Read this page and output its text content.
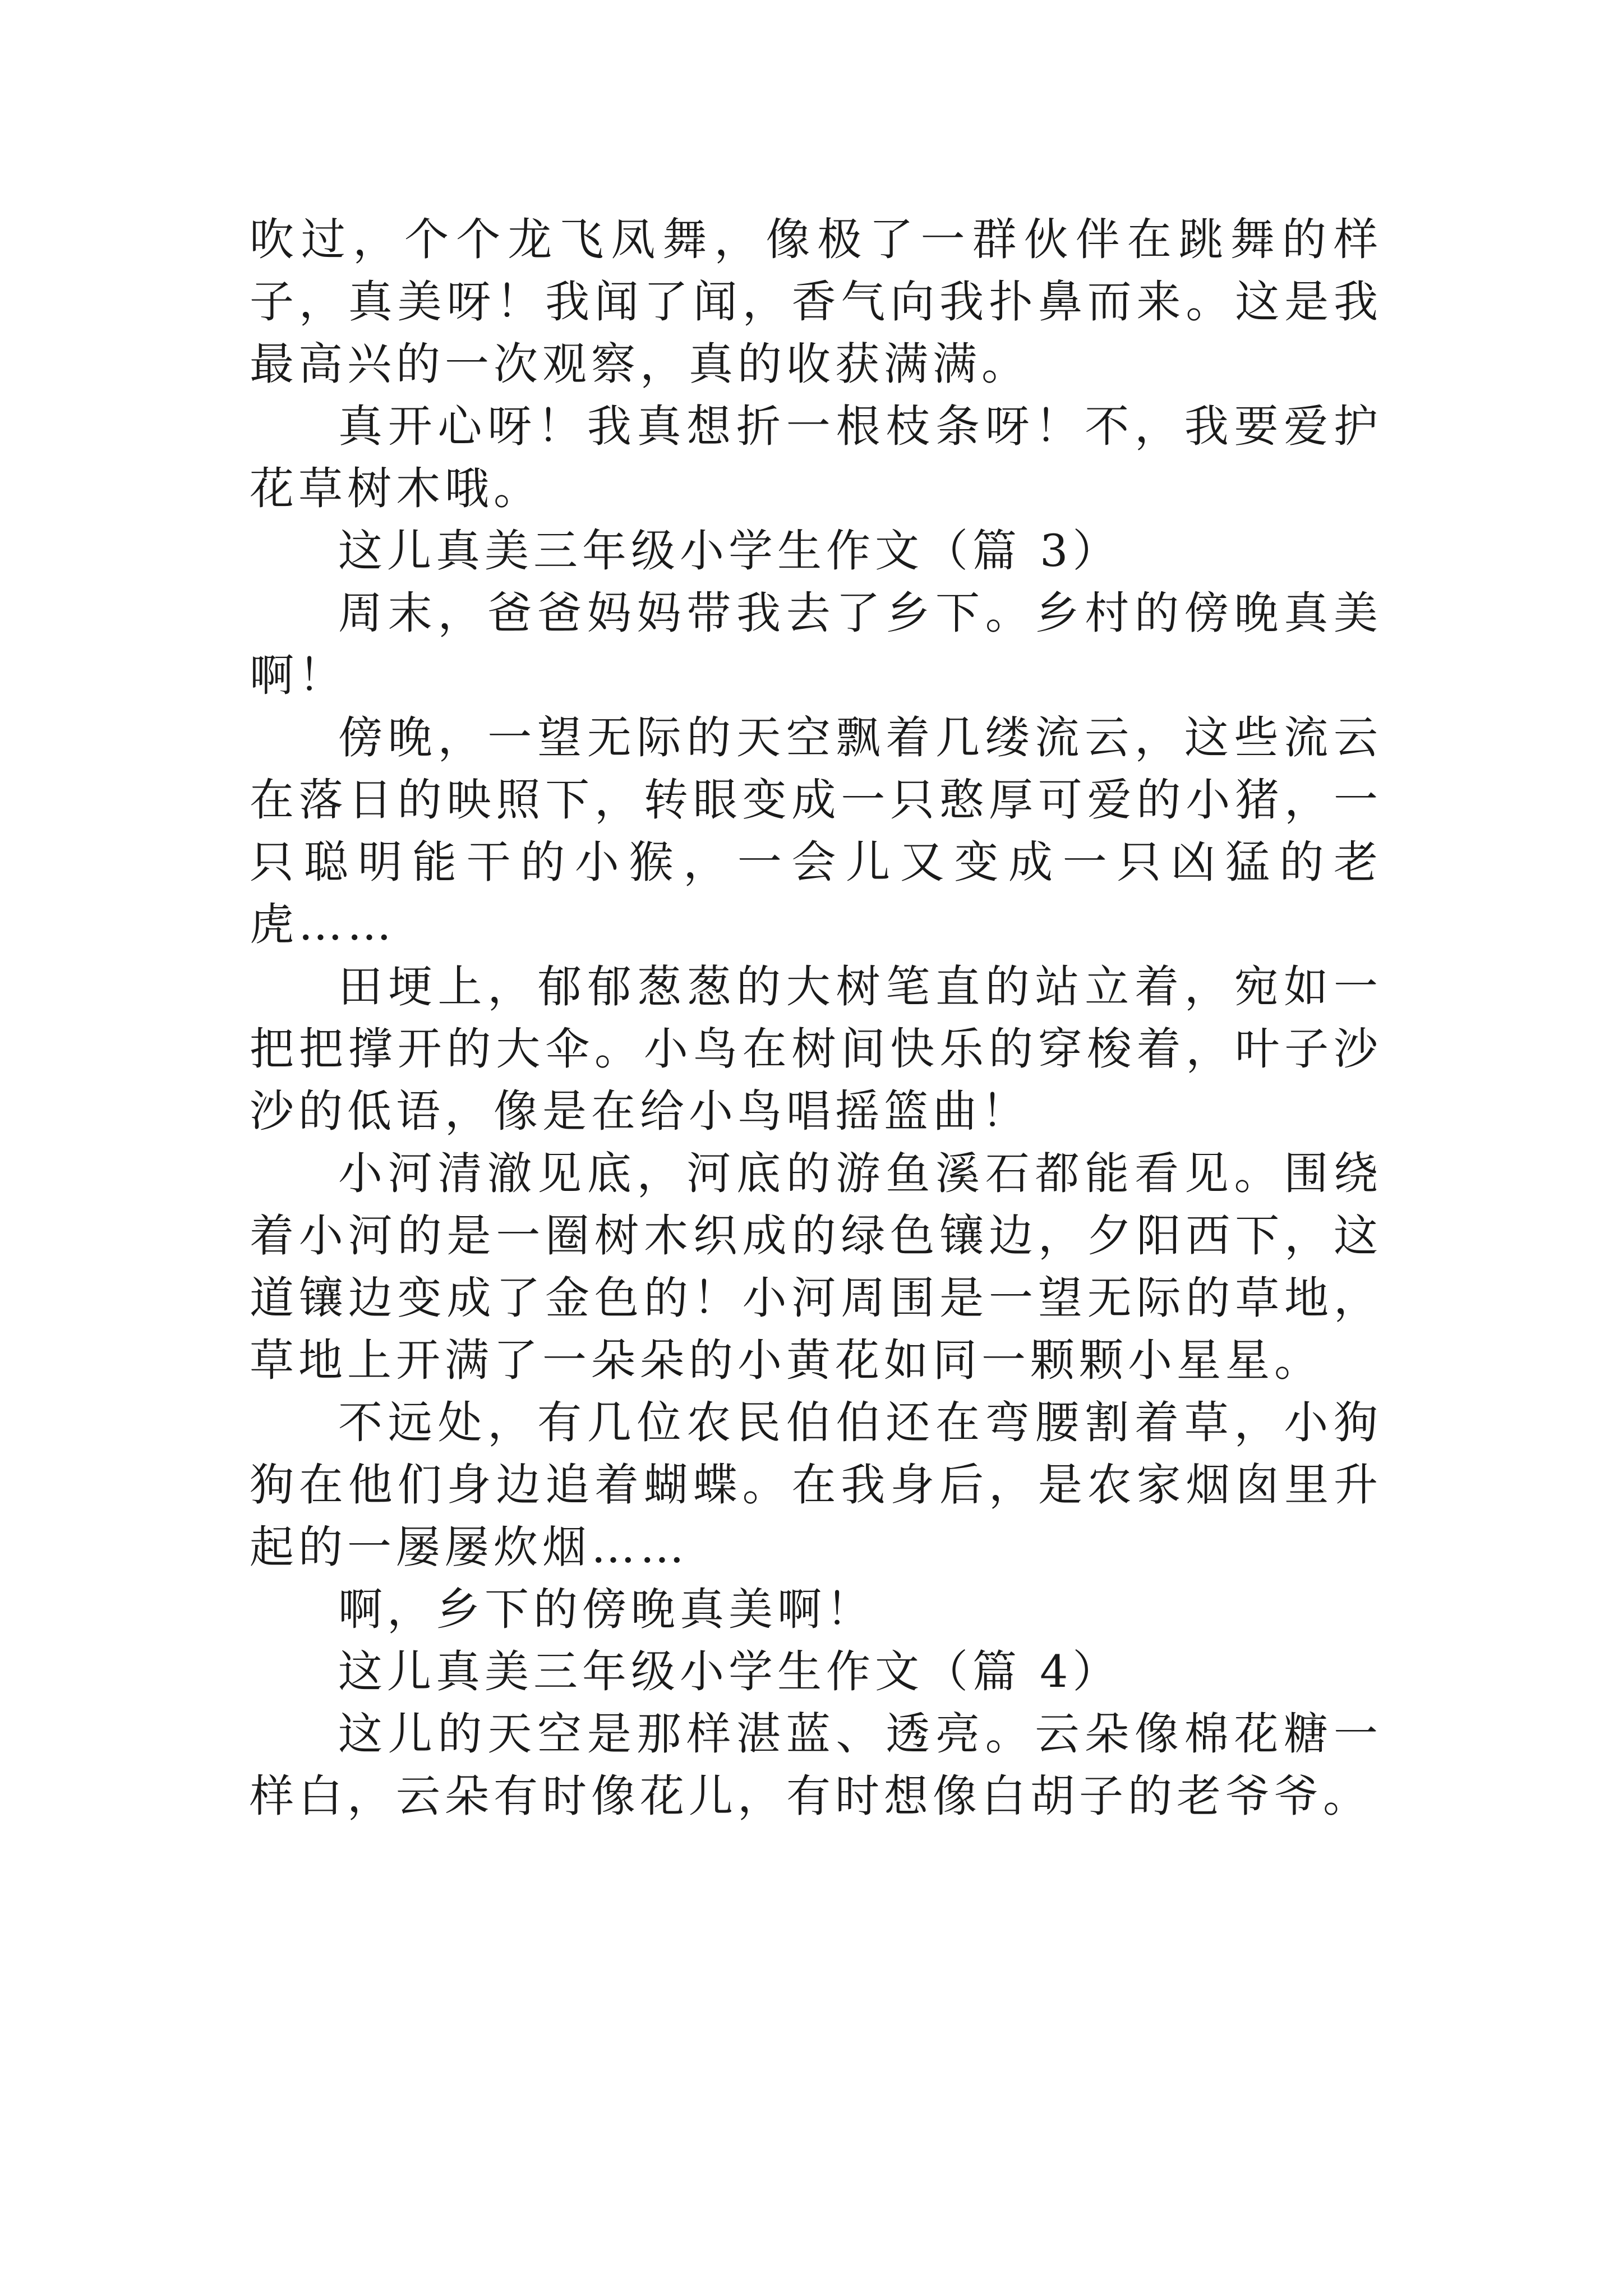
吹过，个个龙飞凤舞，像极了一群伙伴在跳舞的样子，真美呀！我闻了闻，香气向我扑鼻而来。这是我最高兴的一次观察，真的收获满满。

真开心呀！我真想折一根枝条呀！不，我要爱护花草树木哦。

这儿真美三年级小学生作文（篇 3）

周末，爸爸妈妈带我去了乡下。乡村的傍晚真美啊！

傍晚，一望无际的天空飘着几缕流云，这些流云在落日的映照下，转眼变成一只憨厚可爱的小猪，一只聪明能干的小猴，一会儿又变成一只凶猛的老虎……

田埂上，郁郁葱葱的大树笔直的站立着，宛如一把把撑开的大伞。小鸟在树间快乐的穿梭着，叶子沙沙的低语，像是在给小鸟唱摇篮曲！

小河清澈见底，河底的游鱼溪石都能看见。围绕着小河的是一圈树木织成的绿色镶边，夕阳西下，这道镶边变成了金色的！小河周围是一望无际的草地，草地上开满了一朵朵的小黄花如同一颗颗小星星。

不远处，有几位农民伯伯还在弯腰割着草，小狗狗在他们身边追着蝴蝶。在我身后，是农家烟囱里升起的一屡屡炊烟……

啊，乡下的傍晚真美啊！

这儿真美三年级小学生作文（篇 4）

这儿的天空是那样湛蓝、透亮。云朵像棉花糖一样白，云朵有时像花儿，有时想像白胡子的老爷爷。
